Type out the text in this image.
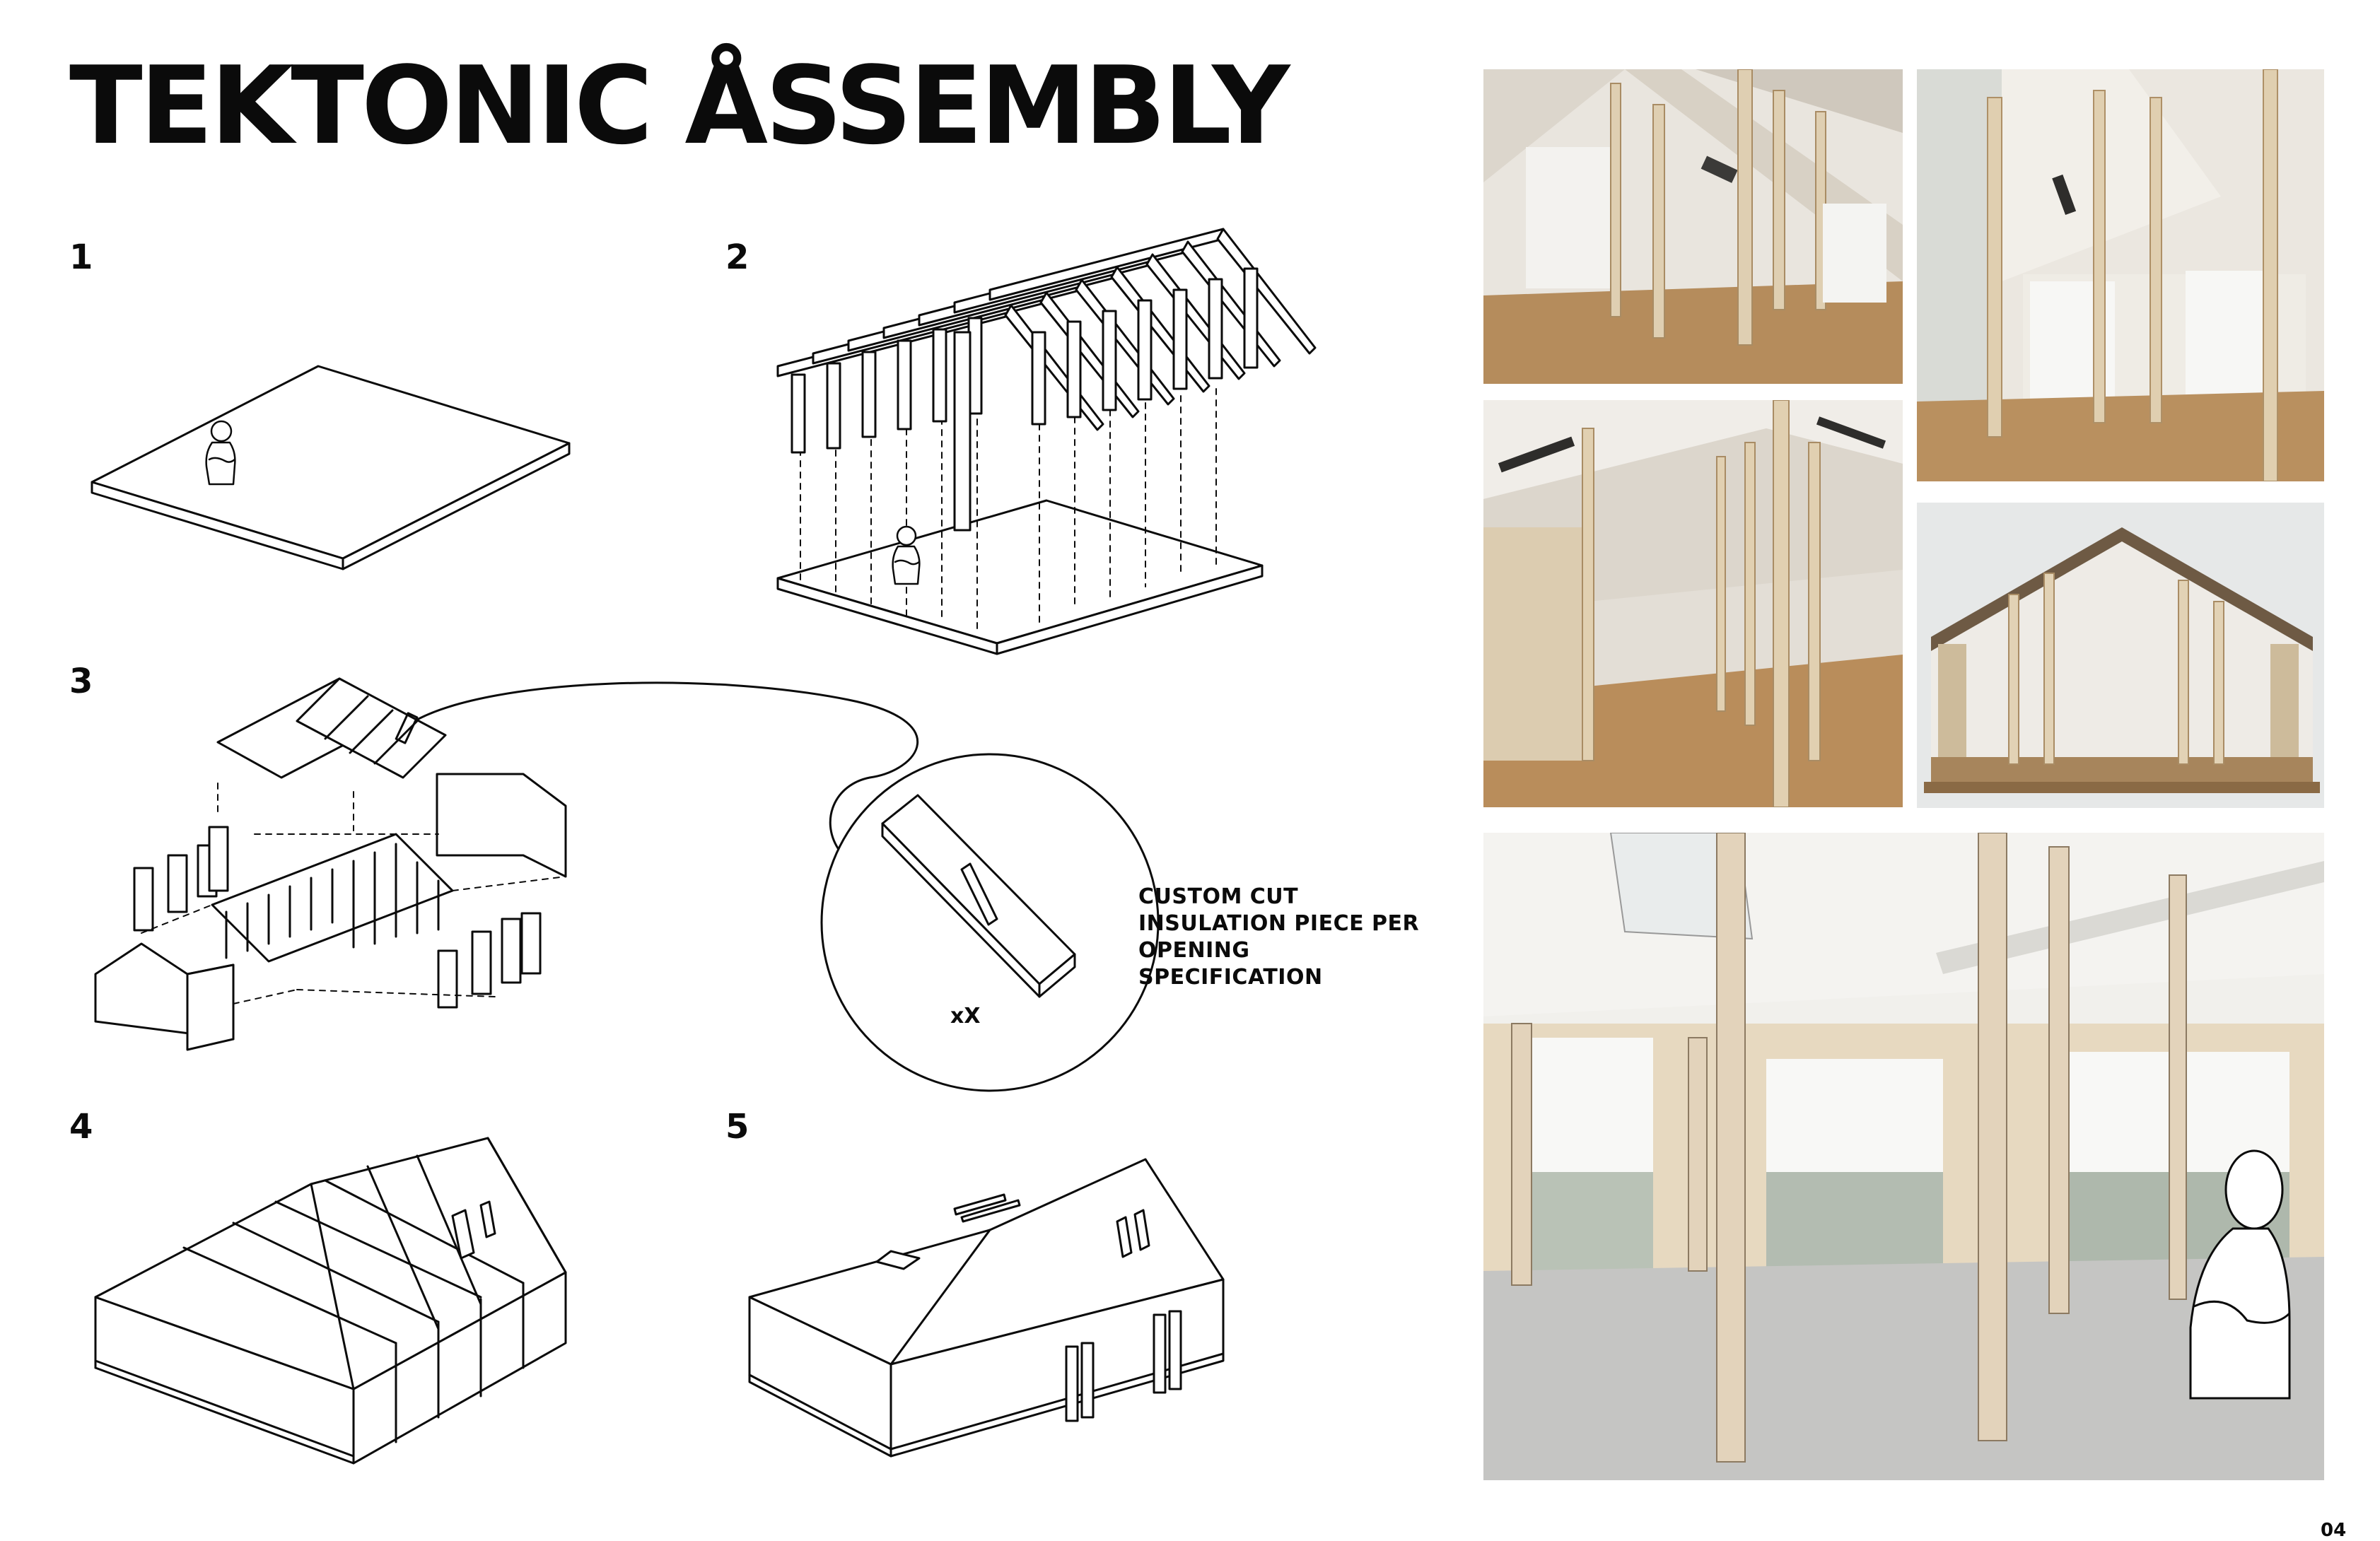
TEKTONIC ÅSSEMBLY
1	2
3
4	5
CUSTOM CUT
INSULATION PIECE PER
OPENING
SPECIFICATION
xX
04
